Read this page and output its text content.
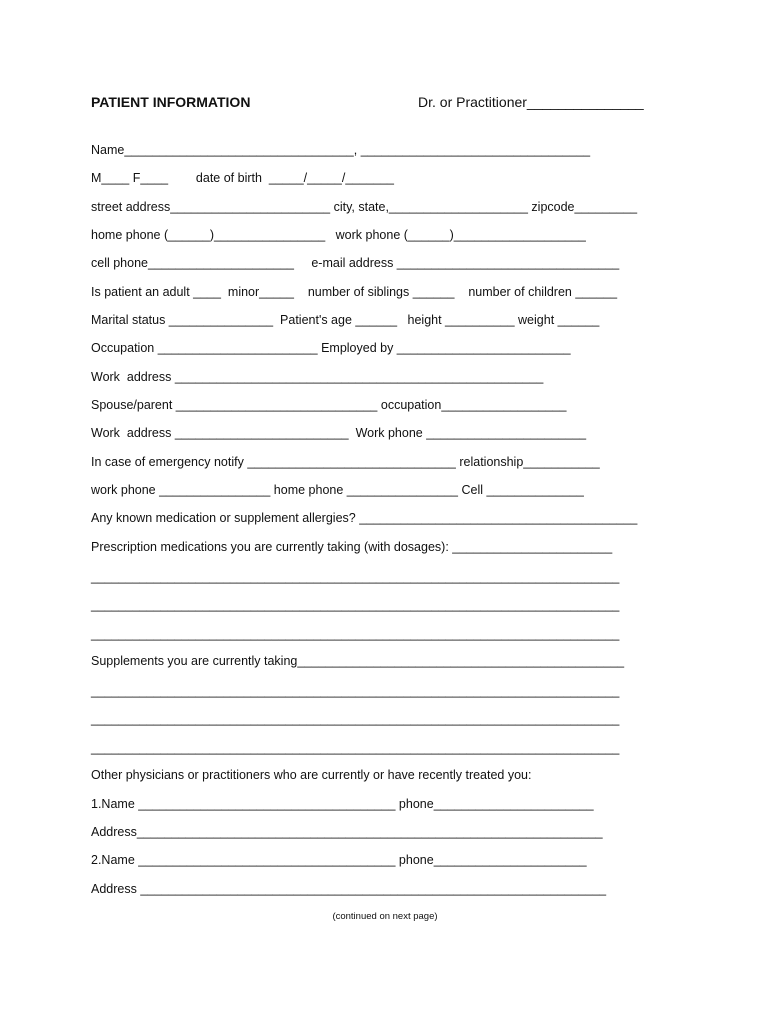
PATIENT INFORMATION	Dr. or Practitioner_______________
Name_________________________________, _________________________________
M____ F____        date of birth  _____/_____/_______
street address_______________________ city, state,____________________ zipcode_________
home phone (______)________________   work phone (______)___________________
cell phone_____________________     e-mail address ________________________________
Is patient an adult ____  minor_____    number of siblings ______    number of children ______
Marital status _______________  Patient's age ______   height __________ weight ______
Occupation _______________________ Employed by _________________________
Work  address _____________________________________________________
Spouse/parent _____________________________ occupation__________________
Work  address _________________________  Work phone _______________________
In case of emergency notify ______________________________ relationship___________
work phone ________________ home phone ________________ Cell ______________
Any known medication or supplement allergies? ________________________________________
Prescription medications you are currently taking (with dosages): _______________________
____________________________________________________________________________
____________________________________________________________________________
____________________________________________________________________________
Supplements you are currently taking_______________________________________________
____________________________________________________________________________
____________________________________________________________________________
____________________________________________________________________________
Other physicians or practitioners who are currently or have recently treated you:
1.Name _____________________________________ phone_______________________
Address___________________________________________________________________
2.Name _____________________________________ phone______________________
Address ___________________________________________________________________
(continued on next page)
